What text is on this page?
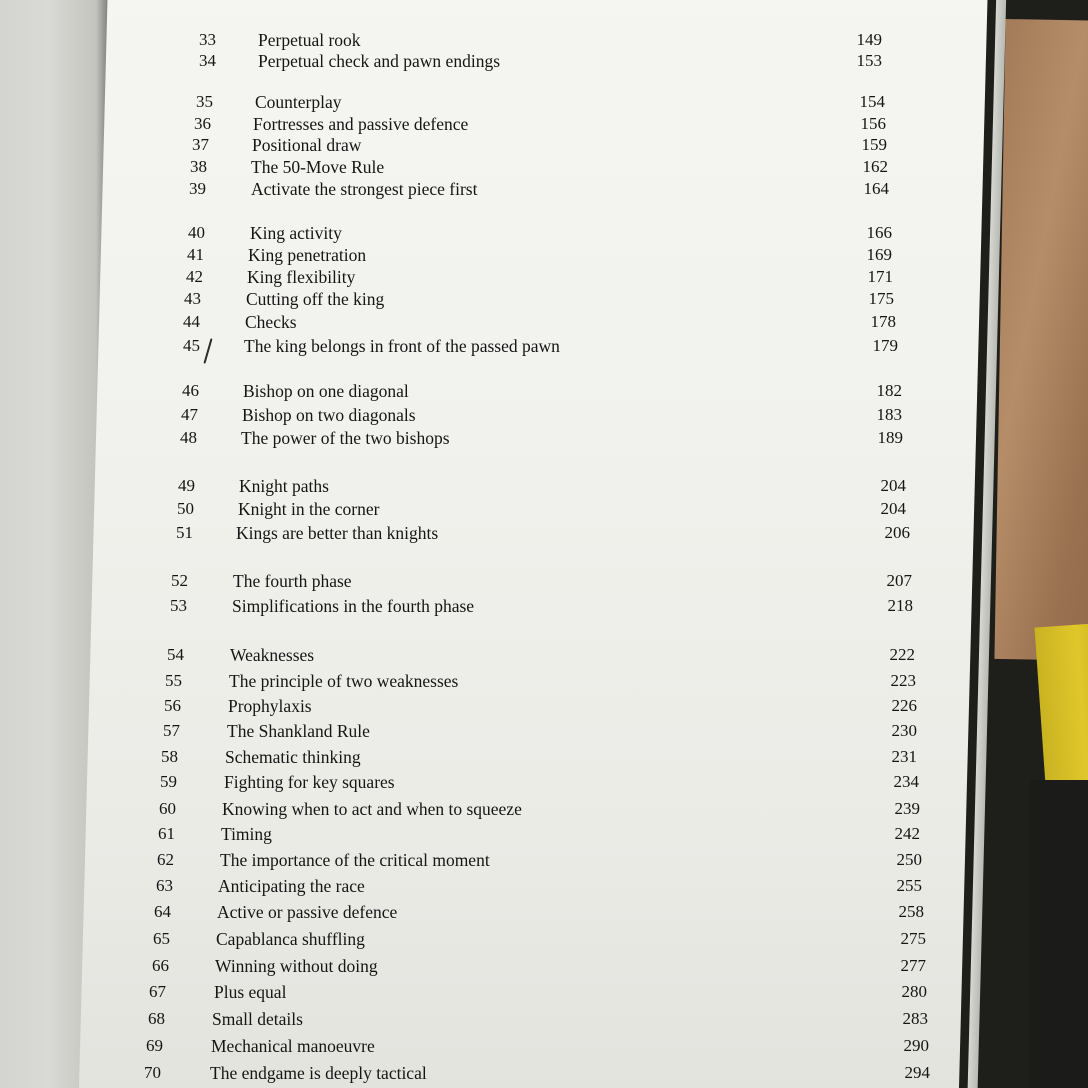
33 Perpetual rook	149
34 Perpetual check and pawn endings	153
35 Counterplay	154
36 Fortresses and passive defence	156
37 Positional draw	159
38	The 50-Move Rule	162
39	Activate the strongest piece first	164
40	King activity	166
41	King penetration	169
42	King flexibility	171
43	Cutting off the king	175
44	Checks	178
45	The king belongs in front of the passed pawn	179
46	Bishop on one diagonal	182
47	Bishop on two diagonals	183
48	The power of the two bishops	189
49	Knight paths	204
50	Knight in the corner	204
51 Kings are better than knights	206
52	The fourth phase	207
53	Simplifications in the fourth phase	218
54	Weaknesses	222
55	The principle of two weaknesses	223
56	Prophylaxis	226
57	The Shankland Rule	230
58	Schematic thinking	231
59	Fighting for key squares	234
60	Knowing when to act and when to squeeze	239
61	Timing	242
62	The importance of the critical moment	250
63	Anticipating the race	255
64	Active or passive defence	258
65	Capablanca shuffling	275
66	Winning without doing	277
67	Plus equal	280
68	Small details	283
69	Mechanical manoeuvre	290
70	The endgame is deeply tactical	294
